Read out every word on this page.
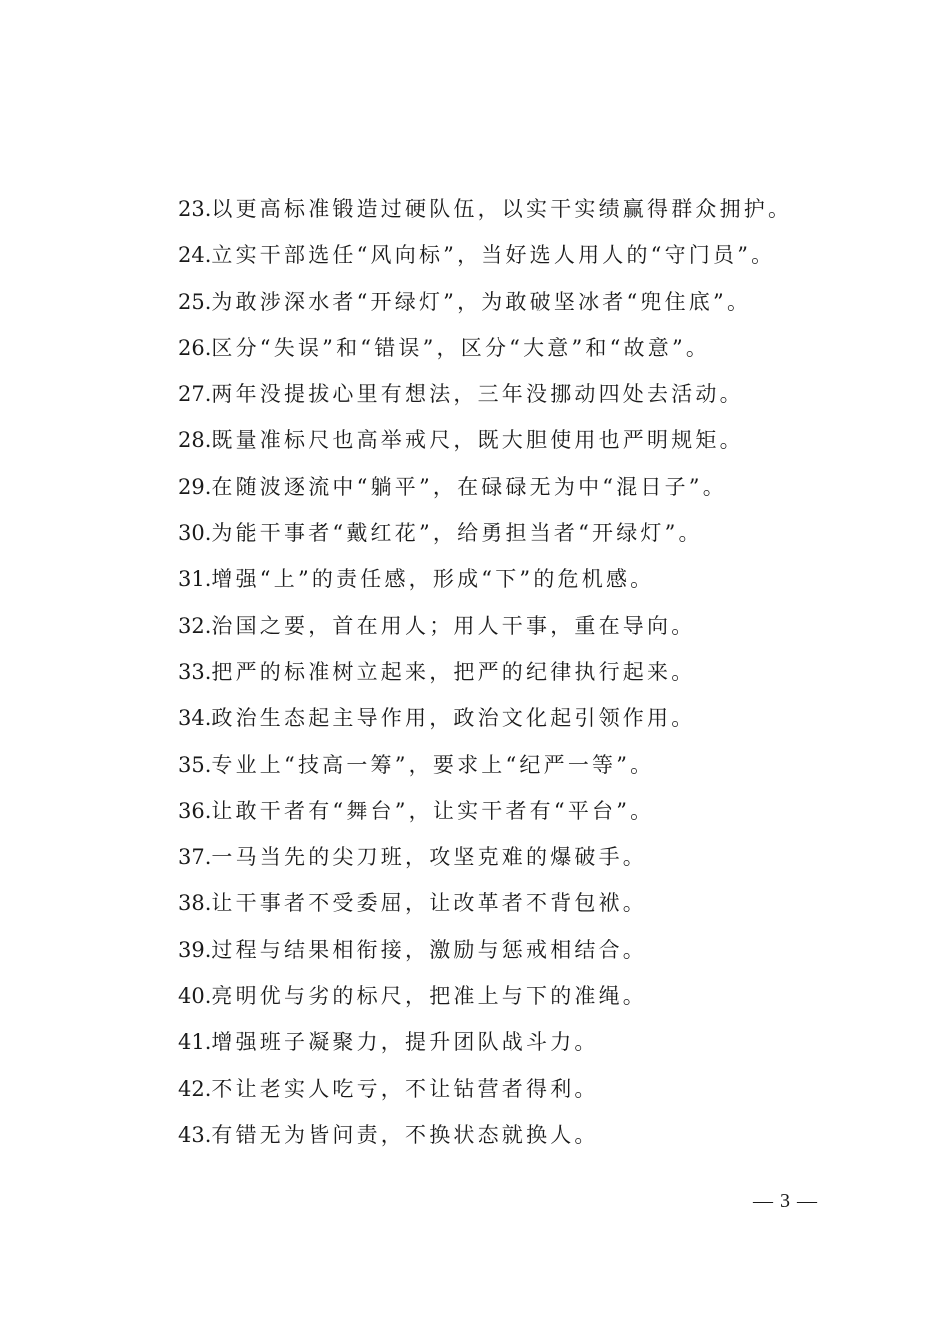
23.以更高标准锻造过硬队伍，以实干实绩赢得群众拥护。
24.立实干部选任“风向标”，当好选人用人的“守门员”。
25.为敢涉深水者“开绿灯”，为敢破坚冰者“兜住底”。
26.区分“失误”和“错误”，区分“大意”和“故意”。
27.两年没提拔心里有想法，三年没挪动四处去活动。
28.既量准标尺也高举戒尺，既大胆使用也严明规矩。
29.在随波逐流中“躺平”，在碌碌无为中“混日子”。
30.为能干事者“戴红花”，给勇担当者“开绿灯”。
31.增强“上”的责任感，形成“下”的危机感。
32.治国之要，首在用人；用人干事，重在导向。
33.把严的标准树立起来，把严的纪律执行起来。
34.政治生态起主导作用，政治文化起引领作用。
35.专业上“技高一筹”，要求上“纪严一等”。
36.让敢干者有“舞台”，让实干者有“平台”。
37.一马当先的尖刀班，攻坚克难的爆破手。
38.让干事者不受委屈，让改革者不背包袱。
39.过程与结果相衔接，激励与惩戒相结合。
40.亮明优与劣的标尺，把准上与下的准绳。
41.增强班子凝聚力，提升团队战斗力。
42.不让老实人吃亏，不让钻营者得利。
43.有错无为皆问责，不换状态就换人。
— 3 —
